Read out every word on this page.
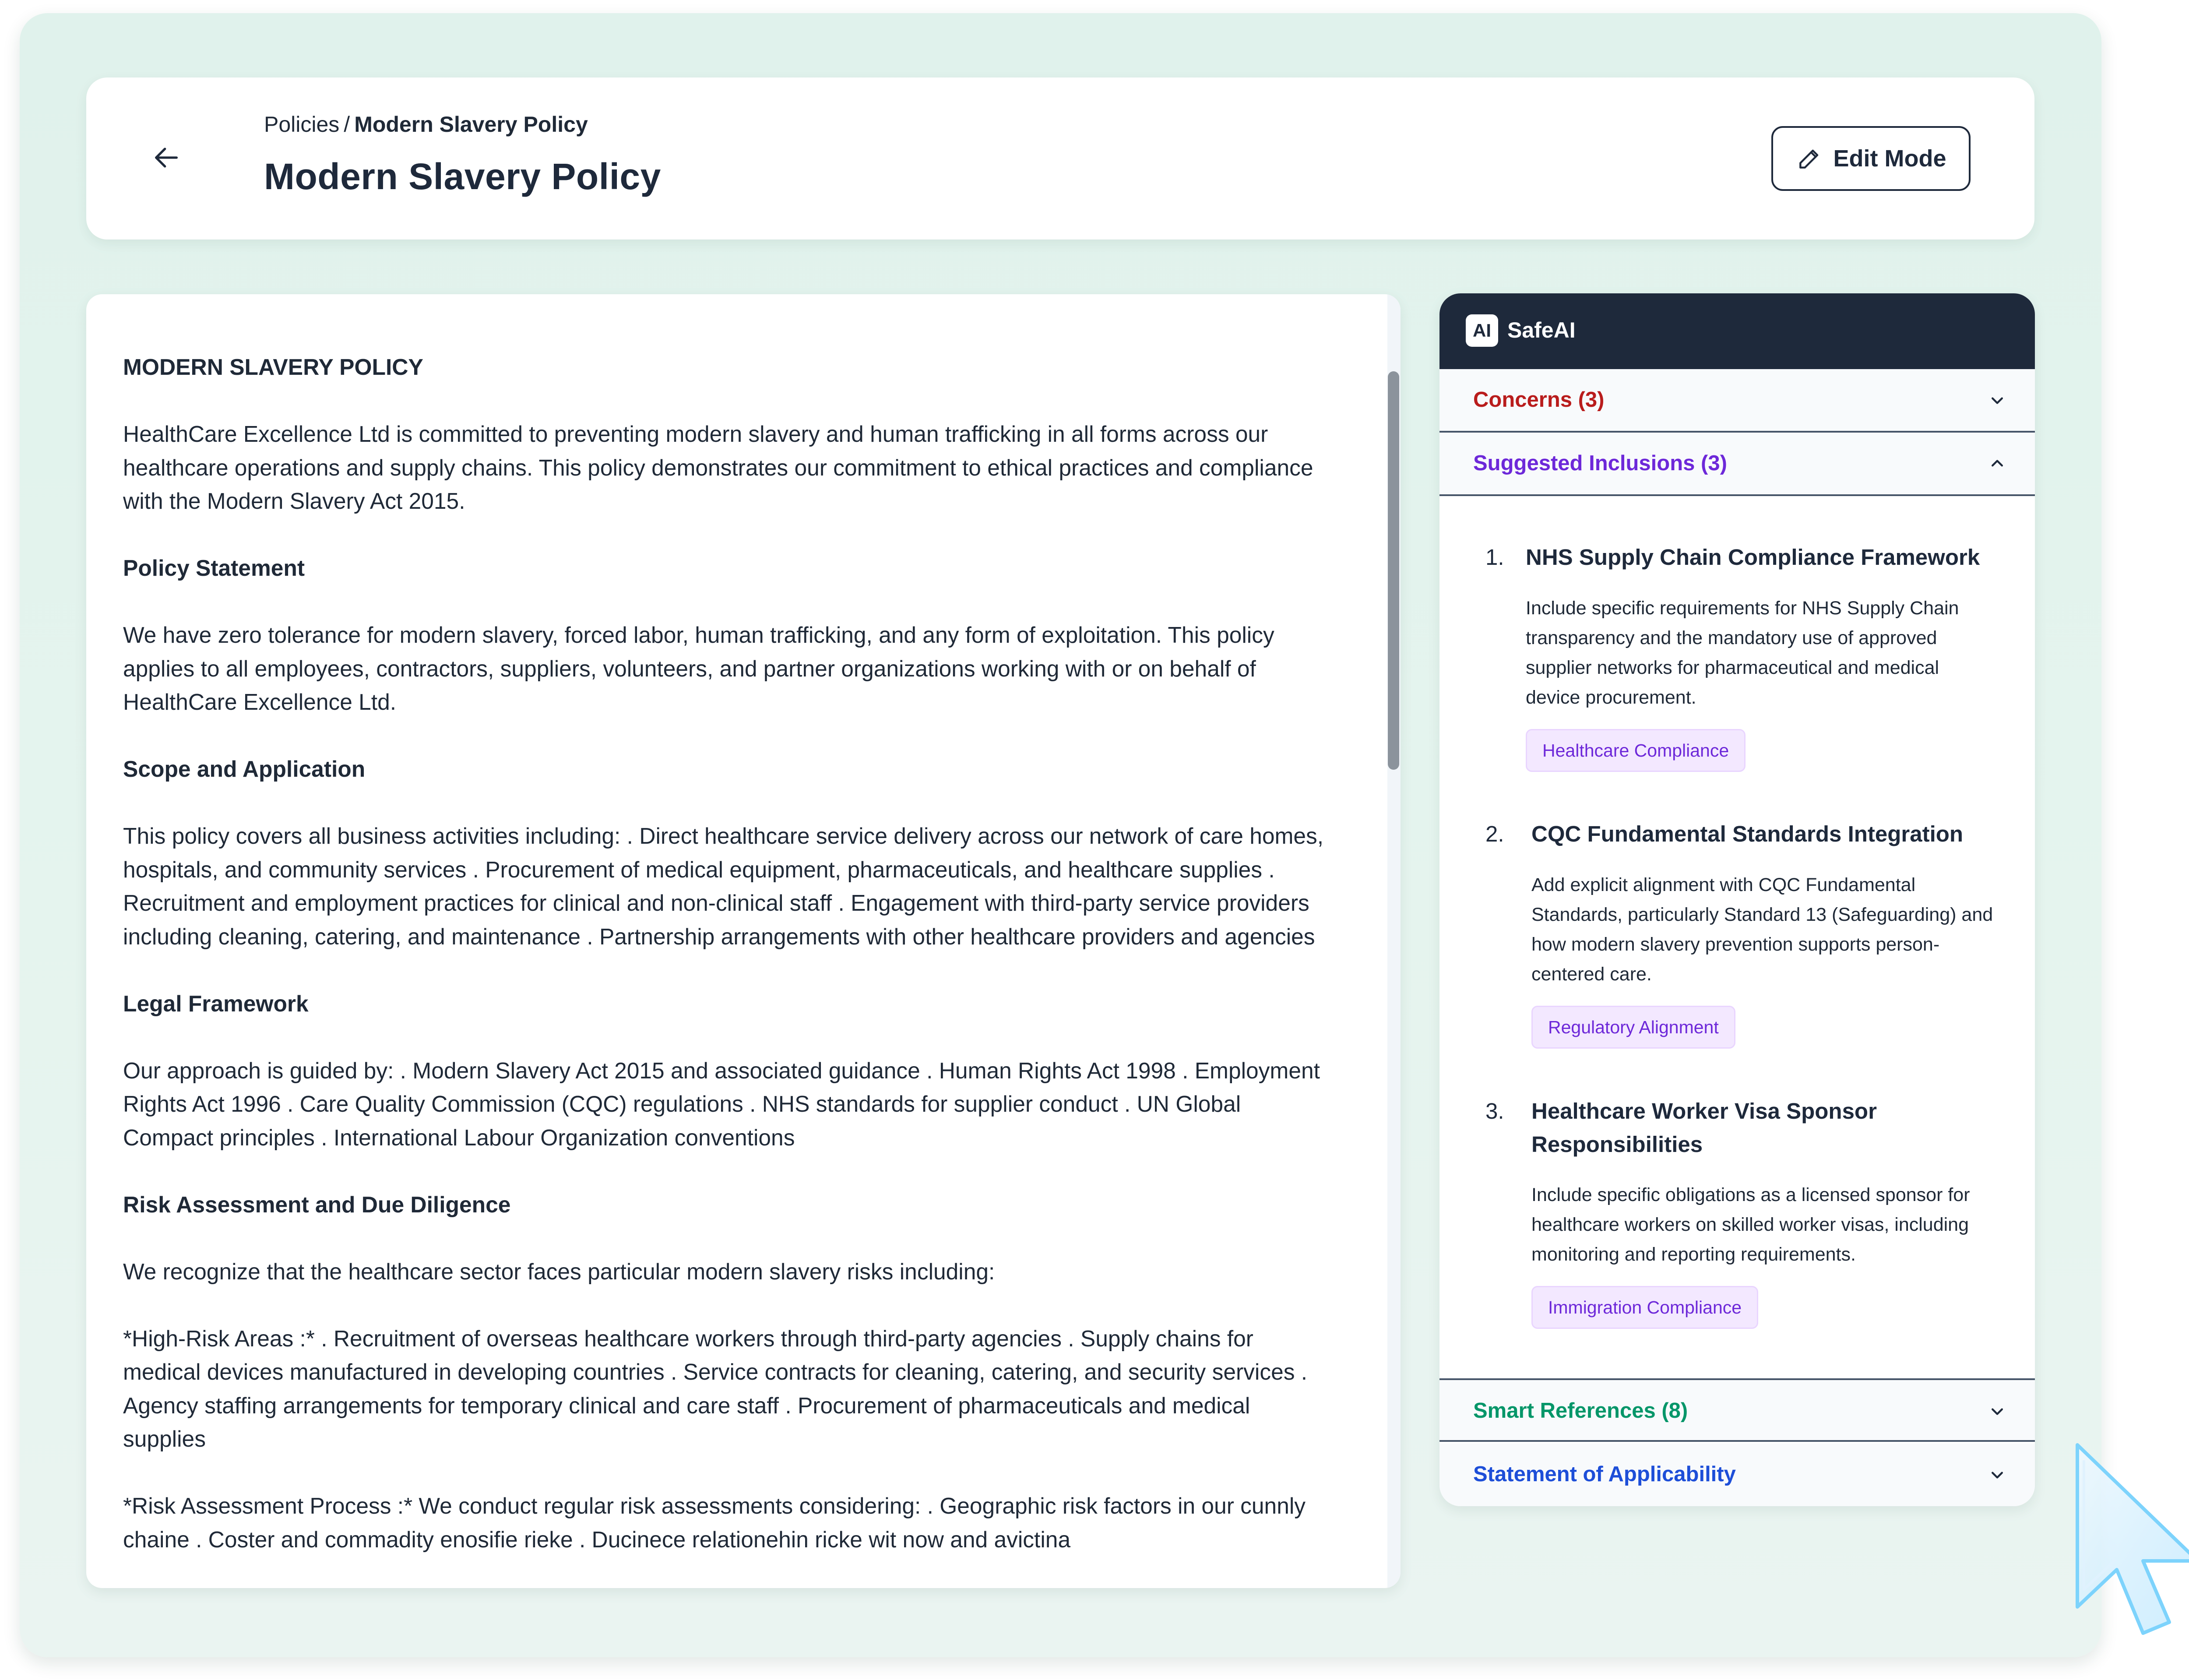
Policies / Modern Slavery Policy
Modern Slavery Policy	Edit Mode

MODERN SLAVERY POLICY

HealthCare Excellence Ltd is committed to preventing modern slavery and human trafficking in all forms across our healthcare operations and supply chains. This policy demonstrates our commitment to ethical practices and compliance with the Modern Slavery Act 2015.

Policy Statement

We have zero tolerance for modern slavery, forced labor, human trafficking, and any form of exploitation. This policy applies to all employees, contractors, suppliers, volunteers, and partner organizations working with or on behalf of HealthCare Excellence Ltd.

Scope and Application

This policy covers all business activities including: . Direct healthcare service delivery across our network of care homes, hospitals, and community services . Procurement of medical equipment, pharmaceuticals, and healthcare supplies . Recruitment and employment practices for clinical and non-clinical staff . Engagement with third-party service providers including cleaning, catering, and maintenance . Partnership arrangements with other healthcare providers and agencies

Legal Framework

Our approach is guided by: . Modern Slavery Act 2015 and associated guidance . Human Rights Act 1998 . Employment Rights Act 1996 . Care Quality Commission (CQC) regulations . NHS standards for supplier conduct . UN Global Compact principles . International Labour Organization conventions

Risk Assessment and Due Diligence

We recognize that the healthcare sector faces particular modern slavery risks including:

*High-Risk Areas :* . Recruitment of overseas healthcare workers through third-party agencies . Supply chains for medical devices manufactured in developing countries . Service contracts for cleaning, catering, and security services . Agency staffing arrangements for temporary clinical and care staff . Procurement of pharmaceuticals and medical supplies

*Risk Assessment Process :* We conduct regular risk assessments considering: . Geographic risk factors in our cunnly chaine . Coster and commadity enosifie rieke . Ducinece relationehin ricke wit now and avictina

AI SafeAI
Concerns (3)
Suggested Inclusions (3)
1. NHS Supply Chain Compliance Framework
Include specific requirements for NHS Supply Chain transparency and the mandatory use of approved supplier networks for pharmaceutical and medical device procurement.
Healthcare Compliance
2. CQC Fundamental Standards Integration
Add explicit alignment with CQC Fundamental Standards, particularly Standard 13 (Safeguarding) and how modern slavery prevention supports person-centered care.
Regulatory Alignment
3. Healthcare Worker Visa Sponsor Responsibilities
Include specific obligations as a licensed sponsor for healthcare workers on skilled worker visas, including monitoring and reporting requirements.
Immigration Compliance
Smart References (8)
Statement of Applicability
